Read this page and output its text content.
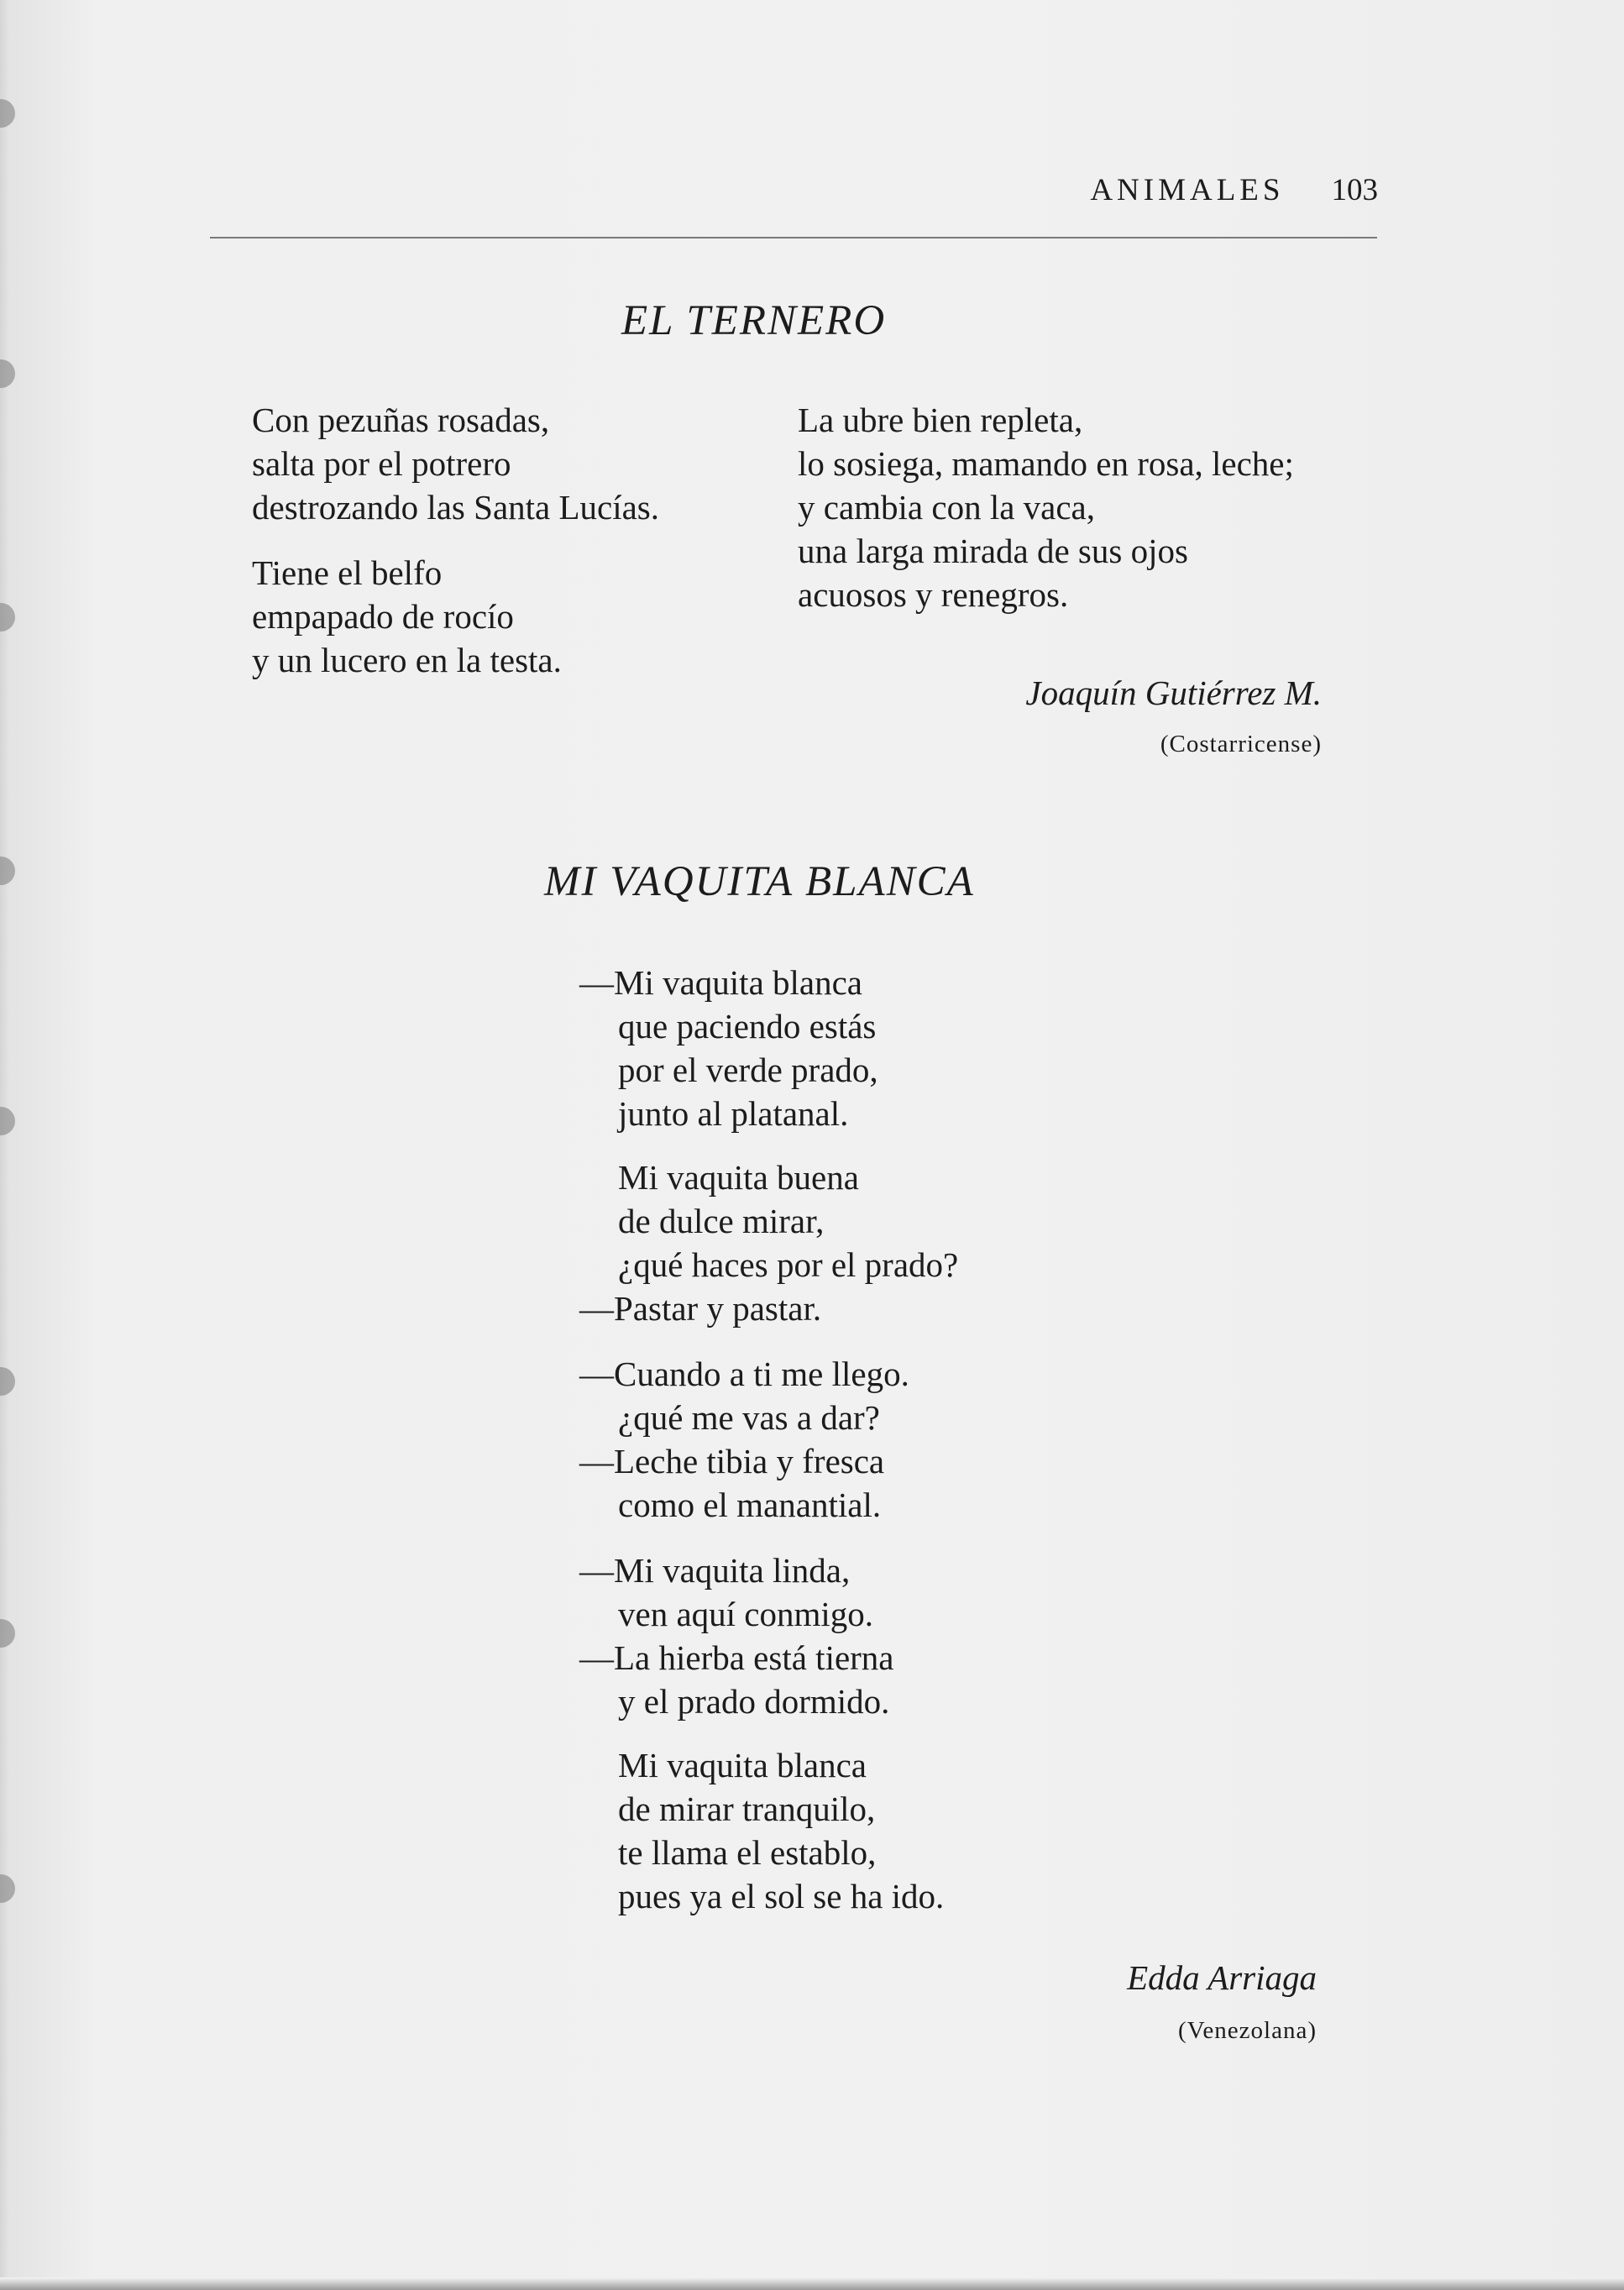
ANIMALES 103
EL TERNERO
Con pezuñas rosadas,
salta por el potrero
destrozando las Santa Lucías.
Tiene el belfo
empapado de rocío
y un lucero en la testa.
La ubre bien repleta,
lo sosiega, mamando en rosa, leche;
y cambia con la vaca,
una larga mirada de sus ojos
acuosos y renegros.
Joaquín Gutiérrez M.
(Costarricense)
MI VAQUITA BLANCA
—Mi vaquita blanca
que paciendo estás
por el verde prado,
junto al platanal.
Mi vaquita buena
de dulce mirar,
¿qué haces por el prado?
—Pastar y pastar.
—Cuando a ti me llego.
¿qué me vas a dar?
—Leche tibia y fresca
como el manantial.
—Mi vaquita linda,
ven aquí conmigo.
—La hierba está tierna
y el prado dormido.
Mi vaquita blanca
de mirar tranquilo,
te llama el establo,
pues ya el sol se ha ido.
Edda Arriaga
(Venezolana)
